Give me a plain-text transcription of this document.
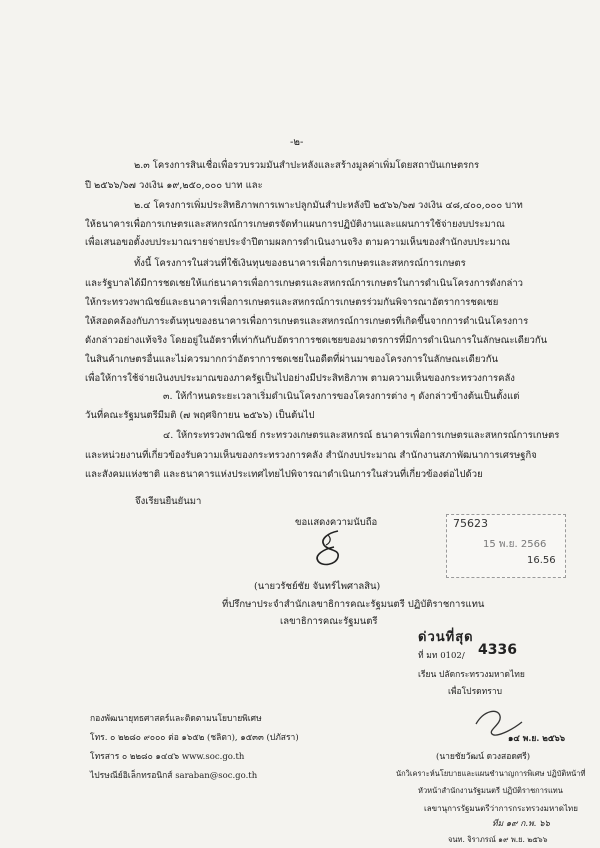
-๒-
๒.๓ โครงการสินเชื่อเพื่อรวบรวมมันสำปะหลังและสร้างมูลค่าเพิ่มโดยสถาบันเกษตรกร
ปี ๒๕๖๖/๖๗ วงเงิน ๑๙,๒๕๐,๐๐๐ บาท และ
๒.๔ โครงการเพิ่มประสิทธิภาพการเพาะปลูกมันสำปะหลังปี ๒๕๖๖/๖๗ วงเงิน ๔๘,๔๐๐,๐๐๐ บาท
ให้ธนาคารเพื่อการเกษตรและสหกรณ์การเกษตรจัดทำแผนการปฏิบัติงานและแผนการใช้จ่ายงบประมาณ
เพื่อเสนอขอตั้งงบประมาณรายจ่ายประจำปีตามผลการดำเนินงานจริง ตามความเห็นของสำนักงบประมาณ
ทั้งนี้ โครงการในส่วนที่ใช้เงินทุนของธนาคารเพื่อการเกษตรและสหกรณ์การเกษตร
และรัฐบาลได้มีการชดเชยให้แก่ธนาคารเพื่อการเกษตรและสหกรณ์การเกษตรในการดำเนินโครงการดังกล่าว
ให้กระทรวงพาณิชย์และธนาคารเพื่อการเกษตรและสหกรณ์การเกษตรร่วมกันพิจารณาอัตราการชดเชย
ให้สอดคล้องกับภาระต้นทุนของธนาคารเพื่อการเกษตรและสหกรณ์การเกษตรที่เกิดขึ้นจากการดำเนินโครงการ
ดังกล่าวอย่างแท้จริง โดยอยู่ในอัตราที่เท่ากันกับอัตราการชดเชยของมาตรการที่มีการดำเนินการในลักษณะเดียวกัน
ในสินค้าเกษตรอื่นและไม่ควรมากกว่าอัตราการชดเชยในอดีตที่ผ่านมาของโครงการในลักษณะเดียวกัน
เพื่อให้การใช้จ่ายเงินงบประมาณของภาครัฐเป็นไปอย่างมีประสิทธิภาพ ตามความเห็นของกระทรวงการคลัง
๓. ให้กำหนดระยะเวลาเริ่มดำเนินโครงการของโครงการต่าง ๆ ดังกล่าวข้างต้นเป็นตั้งแต่
วันที่คณะรัฐมนตรีมีมติ (๗ พฤศจิกายน ๒๕๖๖) เป็นต้นไป
๔. ให้กระทรวงพาณิชย์ กระทรวงเกษตรและสหกรณ์ ธนาคารเพื่อการเกษตรและสหกรณ์การเกษตร
และหน่วยงานที่เกี่ยวข้องรับความเห็นของกระทรวงการคลัง สำนักงบประมาณ สำนักงานสภาพัฒนาการเศรษฐกิจ
และสังคมแห่งชาติ และธนาคารแห่งประเทศไทยไปพิจารณาดำเนินการในส่วนที่เกี่ยวข้องต่อไปด้วย
จึงเรียนยืนยันมา
ขอแสดงความนับถือ
(นายวรัชย์ชัย จันทร์ไพศาลสิน)
ที่ปรึกษาประจำสำนักเลขาธิการคณะรัฐมนตรี ปฏิบัติราชการแทน
เลขาธิการคณะรัฐมนตรี
75623
15 พ.ย. 2566
16.56
ด่วนที่สุด
ที่ มท 0102/ 4336
เรียน ปลัดกระทรวงมหาดไทย
เพื่อโปรดทราบ
กองพัฒนายุทธศาสตร์และติดตามนโยบายพิเศษ
โทร. ๐ ๒๒๘๐ ๙๐๐๐ ต่อ ๑๖๕๒ (ชลิตา), ๑๕๓๓ (ปภัสรา)
โทรสาร ๐ ๒๒๘๐ ๑๔๔๖ www.soc.go.th
ไปรษณีย์อิเล็กทรอนิกส์ saraban@soc.go.th
๑๔ พ.ย. ๒๕๖๖
(นายชัยวัฒน์ ดวงสอดศรี)
นักวิเคราะห์นโยบายและแผนชำนาญการพิเศษ ปฏิบัติหน้าที่
หัวหน้าสำนักงานรัฐมนตรี ปฏิบัติราชการแทน
เลขานุการรัฐมนตรีว่าการกระทรวงมหาดไทย
ทีม ๑๙ ก.พ. ๖๖
จนท. จิราภรณ์ ๑๙ พ.ย. ๒๕๖๖
